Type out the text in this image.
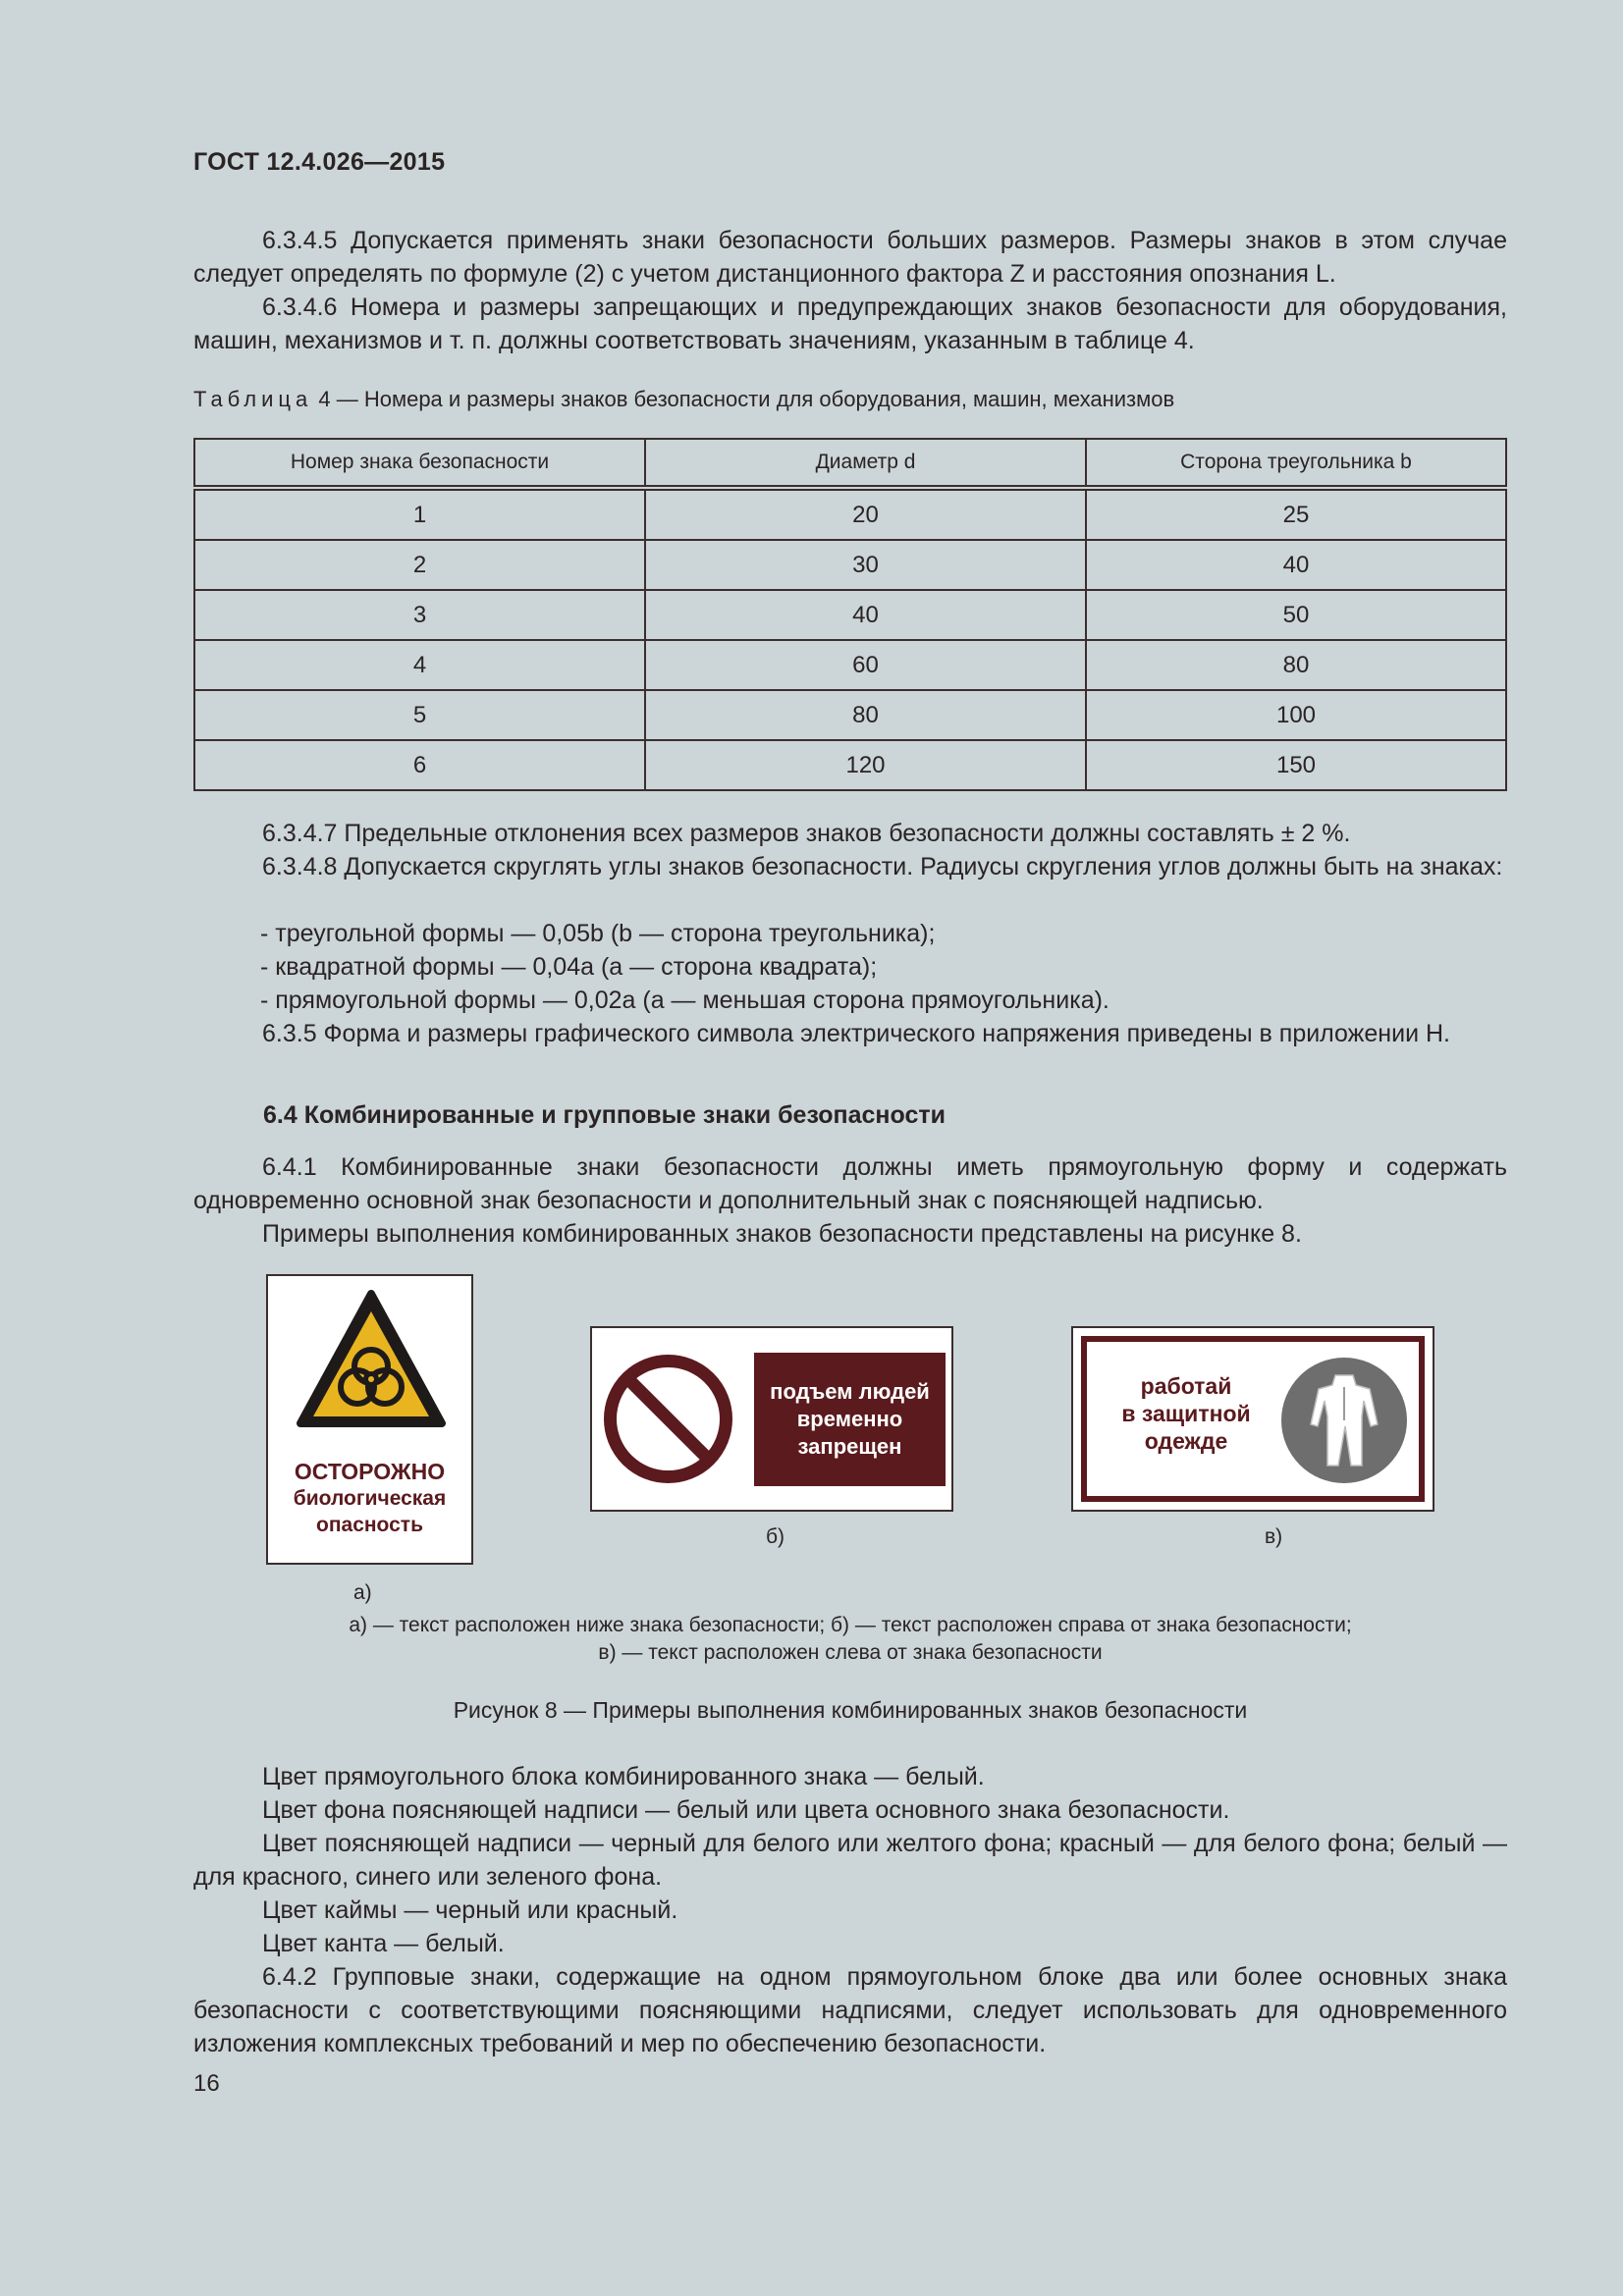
ГОСТ 12.4.026—2015
6.3.4.5 Допускается применять знаки безопасности больших размеров. Размеры знаков в этом случае следует определять по формуле (2) с учетом дистанционного фактора Z и расстояния опознания L.
6.3.4.6 Номера и размеры запрещающих и предупреждающих знаков безопасности для оборудования, машин, механизмов и т. п. должны соответствовать значениям, указанным в таблице 4.
Таблица 4 — Номера и размеры знаков безопасности для оборудования, машин, механизмов
Номер знака безопасности	Диаметр d	Сторона треугольника b
1	20	25
2	30	40
3	40	50
4	60	80
5	80	100
6	120	150
6.3.4.7 Предельные отклонения всех размеров знаков безопасности должны составлять ± 2 %.
6.3.4.8 Допускается скруглять углы знаков безопасности. Радиусы скругления углов должны быть на знаках:
- треугольной формы — 0,05b (b — сторона треугольника);
- квадратной формы — 0,04a (a — сторона квадрата);
- прямоугольной формы — 0,02a (a — меньшая сторона прямоугольника).
6.3.5 Форма и размеры графического символа электрического напряжения приведены в приложении Н.
6.4 Комбинированные и групповые знаки безопасности
6.4.1 Комбинированные знаки безопасности должны иметь прямоугольную форму и содержать одновременно основной знак безопасности и дополнительный знак с поясняющей надписью.
Примеры выполнения комбинированных знаков безопасности представлены на рисунке 8.
ОСТОРОЖНО
биологическая
опасность
а)
подъем людей
временно
запрещен
б)
работай
в защитной
одежде
в)
а) — текст расположен ниже знака безопасности; б) — текст расположен справа от знака безопасности;
в) — текст расположен слева от знака безопасности
Рисунок 8 — Примеры выполнения комбинированных знаков безопасности
Цвет прямоугольного блока комбинированного знака — белый.
Цвет фона поясняющей надписи — белый или цвета основного знака безопасности.
Цвет поясняющей надписи — черный для белого или желтого фона; красный — для белого фона; белый — для красного, синего или зеленого фона.
Цвет каймы — черный или красный.
Цвет канта — белый.
6.4.2 Групповые знаки, содержащие на одном прямоугольном блоке два или более основных знака безопасности с соответствующими поясняющими надписями, следует использовать для одновременного изложения комплексных требований и мер по обеспечению безопасности.
16
